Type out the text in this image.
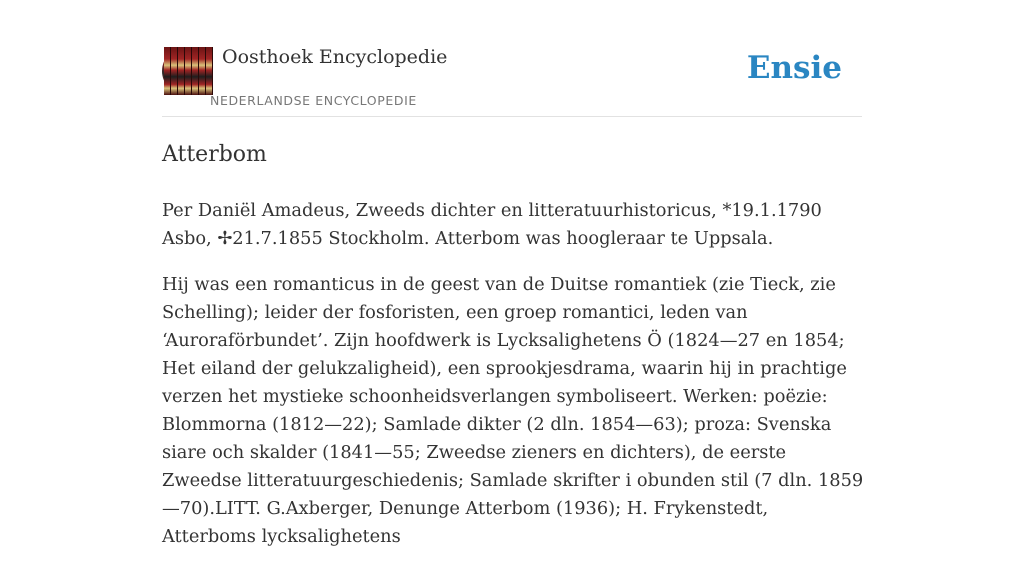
Oosthoek Encyclopedie
NEDERLANDSE ENCYCLOPEDIE
Ensie
Atterbom

Per Daniël Amadeus, Zweeds dichter en litteratuurhistoricus, *19.1.1790 Asbo, ✢21.7.1855 Stockholm. Atterbom was hoogleraar te Uppsala.

Hij was een romanticus in de geest van de Duitse romantiek (zie Tieck, zie Schelling); leider der fosforisten, een groep romantici, leden van ‘Auroraförbundet’. Zijn hoofdwerk is Lycksalighetens Ö (1824—27 en 1854; Het eiland der gelukzaligheid), een sprookjesdrama, waarin hij in prachtige verzen het mystieke schoonheidsverlangen symboliseert. Werken: poëzie: Blommorna (1812—22); Samlade dikter (2 dln. 1854—63); proza: Svenska siare och skalder (1841—55; Zweedse zieners en dichters), de eerste Zweedse litteratuurgeschiedenis; Samlade skrifter i obunden stil (7 dln. 1859—70).LITT. G.Axberger, Denunge Atterbom (1936); H. Frykenstedt, Atterboms lycksalighetens
